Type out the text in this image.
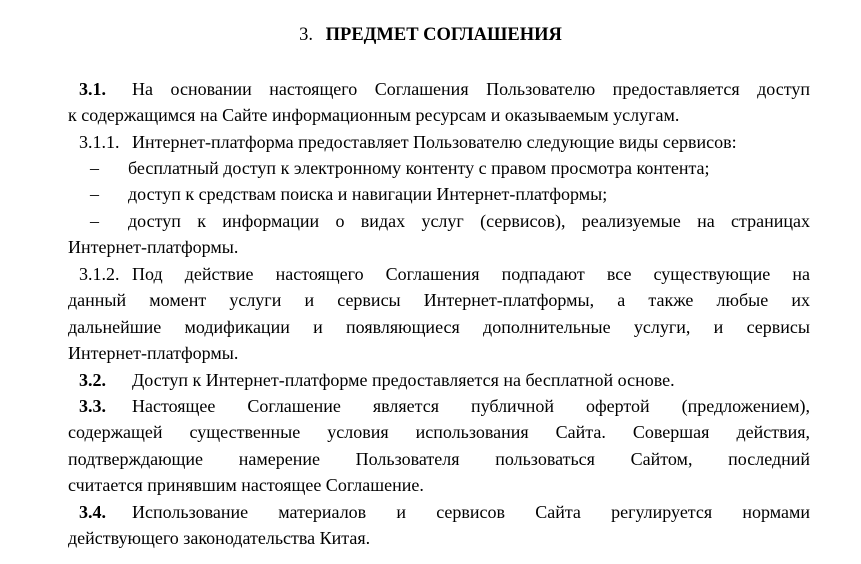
3. ПРЕДМЕТ СОГЛАШЕНИЯ
3.1. На основании настоящего Соглашения Пользователю предоставляется доступ
к содержащимся на Сайте информационным ресурсам и оказываемым услугам.
3.1.1. Интернет-платформа предоставляет Пользователю следующие виды сервисов:
– бесплатный доступ к электронному контенту с правом просмотра контента;
– доступ к средствам поиска и навигации Интернет-платформы;
– доступ к информации о видах услуг (сервисов), реализуемые на страницах
Интернет-платформы.
3.1.2. Под действие настоящего Соглашения подпадают все существующие на
данный момент услуги и сервисы Интернет-платформы, а также любые их
дальнейшие модификации и появляющиеся дополнительные услуги, и сервисы
Интернет-платформы.
3.2. Доступ к Интернет-платформе предоставляется на бесплатной основе.
3.3. Настоящее Соглашение является публичной офертой (предложением),
содержащей существенные условия использования Сайта. Совершая действия,
подтверждающие намерение Пользователя пользоваться Сайтом, последний
считается принявшим настоящее Соглашение.
3.4. Использование материалов и сервисов Сайта регулируется нормами
действующего законодательства Китая.
